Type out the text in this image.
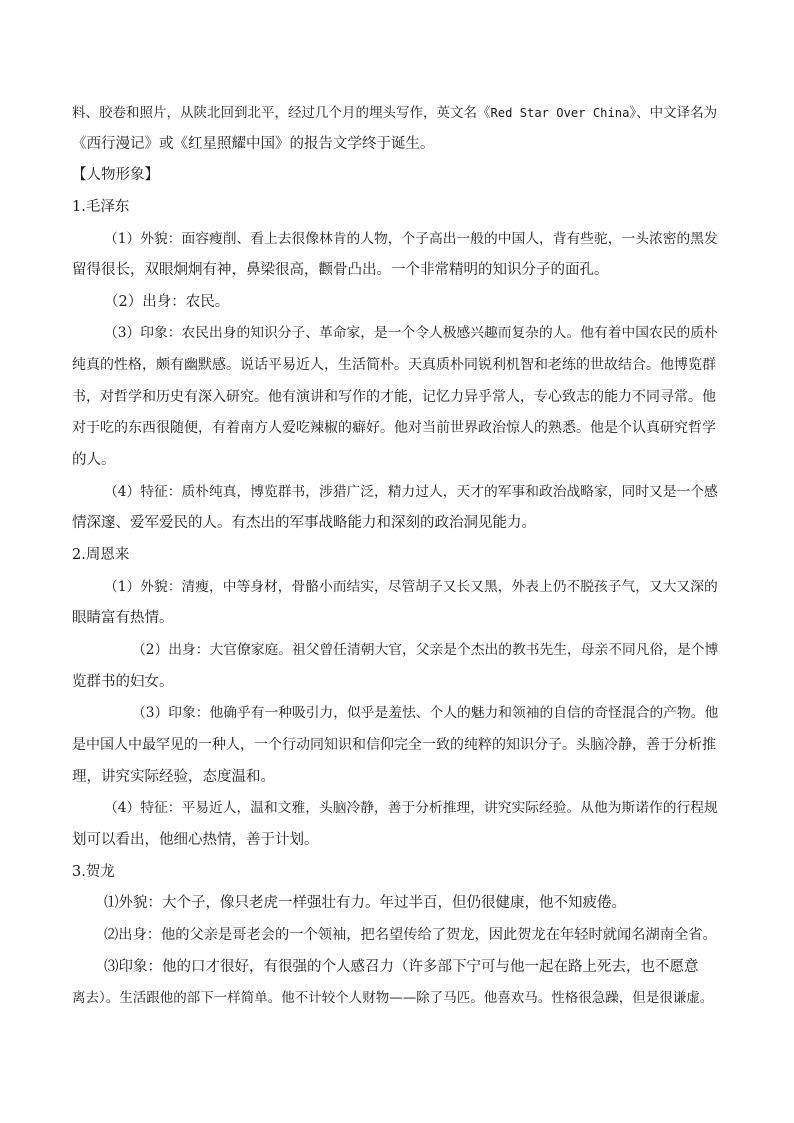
料、胶卷和照片，从陕北回到北平，经过几个月的埋头写作，英文名《Red Star Over China》、中文译名为
《西行漫记》或《红星照耀中国》的报告文学终于诞生。
【人物形象】
1.毛泽东
（1）外貌：面容瘦削、看上去很像林肯的人物，个子高出一般的中国人，背有些驼，一头浓密的黑发
留得很长，双眼炯炯有神，鼻梁很高，颧骨凸出。一个非常精明的知识分子的面孔。
（2）出身：农民。
（3）印象：农民出身的知识分子、革命家，是一个令人极感兴趣而复杂的人。他有着中国农民的质朴
纯真的性格，颇有幽默感。说话平易近人，生活简朴。天真质朴同锐利机智和老练的世故结合。他博览群
书，对哲学和历史有深入研究。他有演讲和写作的才能，记忆力异乎常人，专心致志的能力不同寻常。他
对于吃的东西很随便，有着南方人爱吃辣椒的癖好。他对当前世界政治惊人的熟悉。他是个认真研究哲学
的人。
（4）特征：质朴纯真，博览群书，涉猎广泛，精力过人，天才的军事和政治战略家，同时又是一个感
情深邃、爱军爱民的人。有杰出的军事战略能力和深刻的政治洞见能力。
2.周恩来
（1）外貌：清瘦，中等身材，骨骼小而结实，尽管胡子又长又黑，外表上仍不脱孩子气，又大又深的
眼睛富有热情。
（2）出身：大官僚家庭。祖父曾任清朝大官，父亲是个杰出的教书先生，母亲不同凡俗，是个博
览群书的妇女。
（3）印象：他确乎有一种吸引力，似乎是羞怯、个人的魅力和领袖的自信的奇怪混合的产物。他
是中国人中最罕见的一种人，一个行动同知识和信仰完全一致的纯粹的知识分子。头脑冷静，善于分析推
理，讲究实际经验，态度温和。
（4）特征：平易近人，温和文雅，头脑冷静，善于分析推理，讲究实际经验。从他为斯诺作的行程规
划可以看出，他细心热情，善于计划。
3.贺龙
⑴外貌：大个子，像只老虎一样强壮有力。年过半百，但仍很健康，他不知疲倦。
⑵出身：他的父亲是哥老会的一个领袖，把名望传给了贺龙，因此贺龙在年轻时就闻名湖南全省。
⑶印象：他的口才很好，有很强的个人感召力（许多部下宁可与他一起在路上死去，也不愿意
离去）。生活跟他的部下一样简单。他不计较个人财物——除了马匹。他喜欢马。性格很急躁，但是很谦虚。
